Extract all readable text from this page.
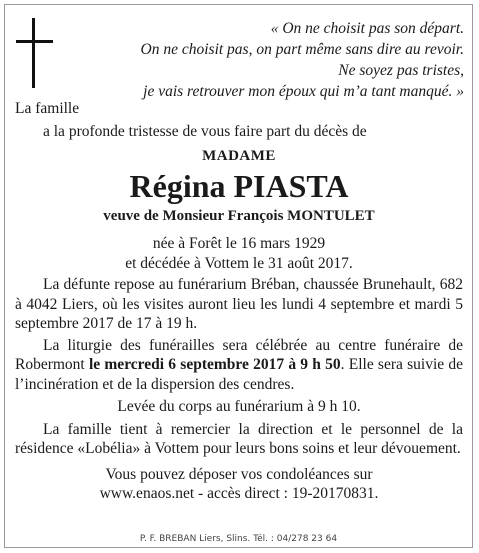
« On ne choisit pas son départ.
On ne choisit pas, on part même sans dire au revoir.
Ne soyez pas tristes,
je vais retrouver mon époux qui m’a tant manqué. »

La famille

a la profonde tristesse de vous faire part du décès de

MADAME

Régina PIASTA

veuve de Monsieur François MONTULET

née à Forêt le 16 mars 1929

et décédée à Vottem le 31 août 2017.

La défunte repose au funérarium Bréban, chaussée Brunehault, 682 à 4042 Liers, où les visites auront lieu les lundi 4 septembre et mardi 5 septembre 2017 de 17 à 19 h.

La liturgie des funérailles sera célébrée au centre funéraire de Robermont le mercredi 6 septembre 2017 à 9 h 50. Elle sera suivie de l’incinération et de la dispersion des cendres.

Levée du corps au funérarium à 9 h 10.

La famille tient à remercier la direction et le personnel de la résidence «Lobélia» à Vottem pour leurs bons soins et leur dévouement.

Vous pouvez déposer vos condoléances sur

www.enaos.net - accès direct : 19-20170831.

P. F. BREBAN Liers, Slins. Tél. : 04/278 23 64
